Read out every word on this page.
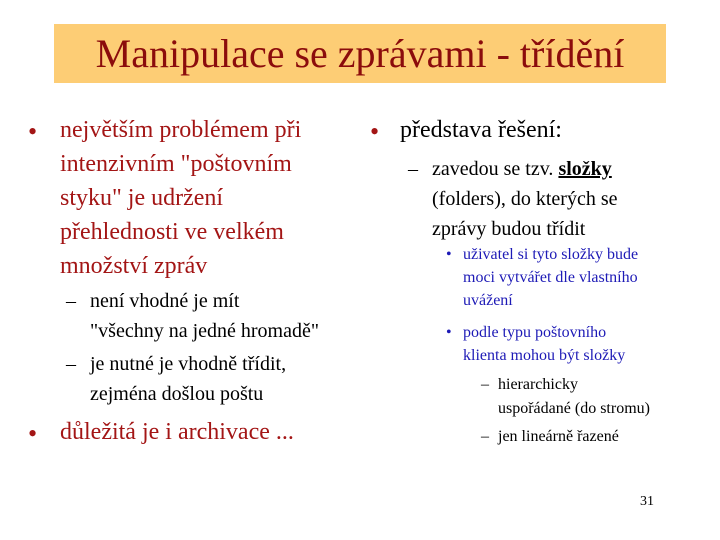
Manipulace se zprávami - třídění
• největším problémem při

intenzivním "poštovním

styku" je udržení

přehlednosti ve velkém

množství zpráv

– není vhodné je mít

"všechny na jedné hromadě"

– je nutné je vhodně třídit,

zejména došlou poštu

• důležitá je i archivace ...
• představa řešení:
– zavedou se tzv. složky

(folders), do kterých se

zprávy budou třídit

• uživatel si tyto složky bude

moci vytvářet dle vlastního

uvážení

• podle typu poštovního

klienta mohou být složky

– hierarchicky

uspořádané (do stromu)

– jen lineárně řazené
31
